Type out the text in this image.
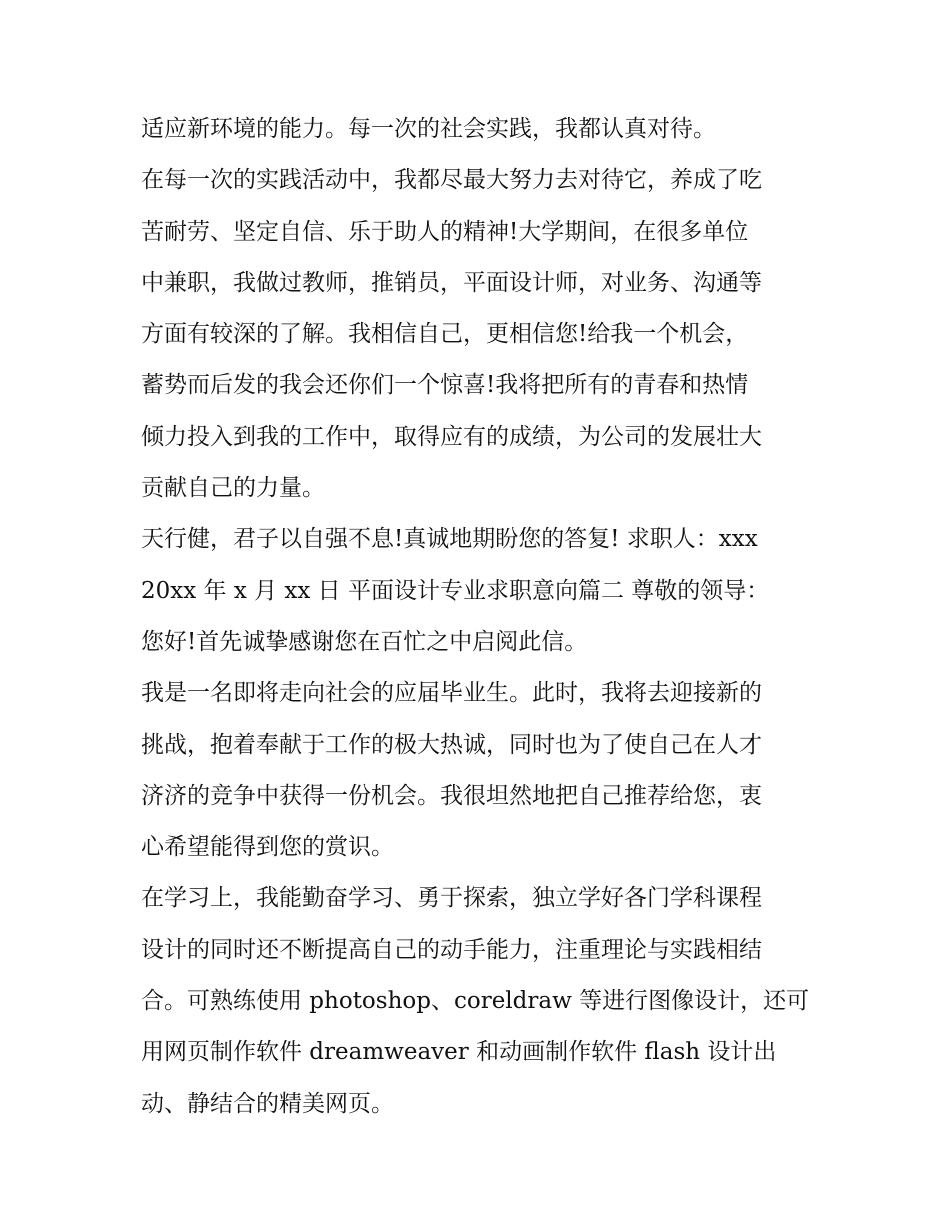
适应新环境的能力。每一次的社会实践，我都认真对待。
在每一次的实践活动中，我都尽最大努力去对待它，养成了吃
苦耐劳、坚定自信、乐于助人的精神!大学期间，在很多单位
中兼职，我做过教师，推销员，平面设计师，对业务、沟通等
方面有较深的了解。我相信自己，更相信您!给我一个机会，
蓄势而后发的我会还你们一个惊喜!我将把所有的青春和热情
倾力投入到我的工作中，取得应有的成绩，为公司的发展壮大
贡献自己的力量。
天行健，君子以自强不息!真诚地期盼您的答复! 求职人：xxx
20xx 年 x 月 xx 日 平面设计专业求职意向篇二 尊敬的领导：
您好!首先诚挚感谢您在百忙之中启阅此信。
我是一名即将走向社会的应届毕业生。此时，我将去迎接新的
挑战，抱着奉献于工作的极大热诚，同时也为了使自己在人才
济济的竞争中获得一份机会。我很坦然地把自己推荐给您，衷
心希望能得到您的赏识。
在学习上，我能勤奋学习、勇于探索，独立学好各门学科课程
设计的同时还不断提高自己的动手能力，注重理论与实践相结
合。可熟练使用 photoshop、coreldraw 等进行图像设计，还可
用网页制作软件 dreamweaver 和动画制作软件 flash 设计出
动、静结合的精美网页。
